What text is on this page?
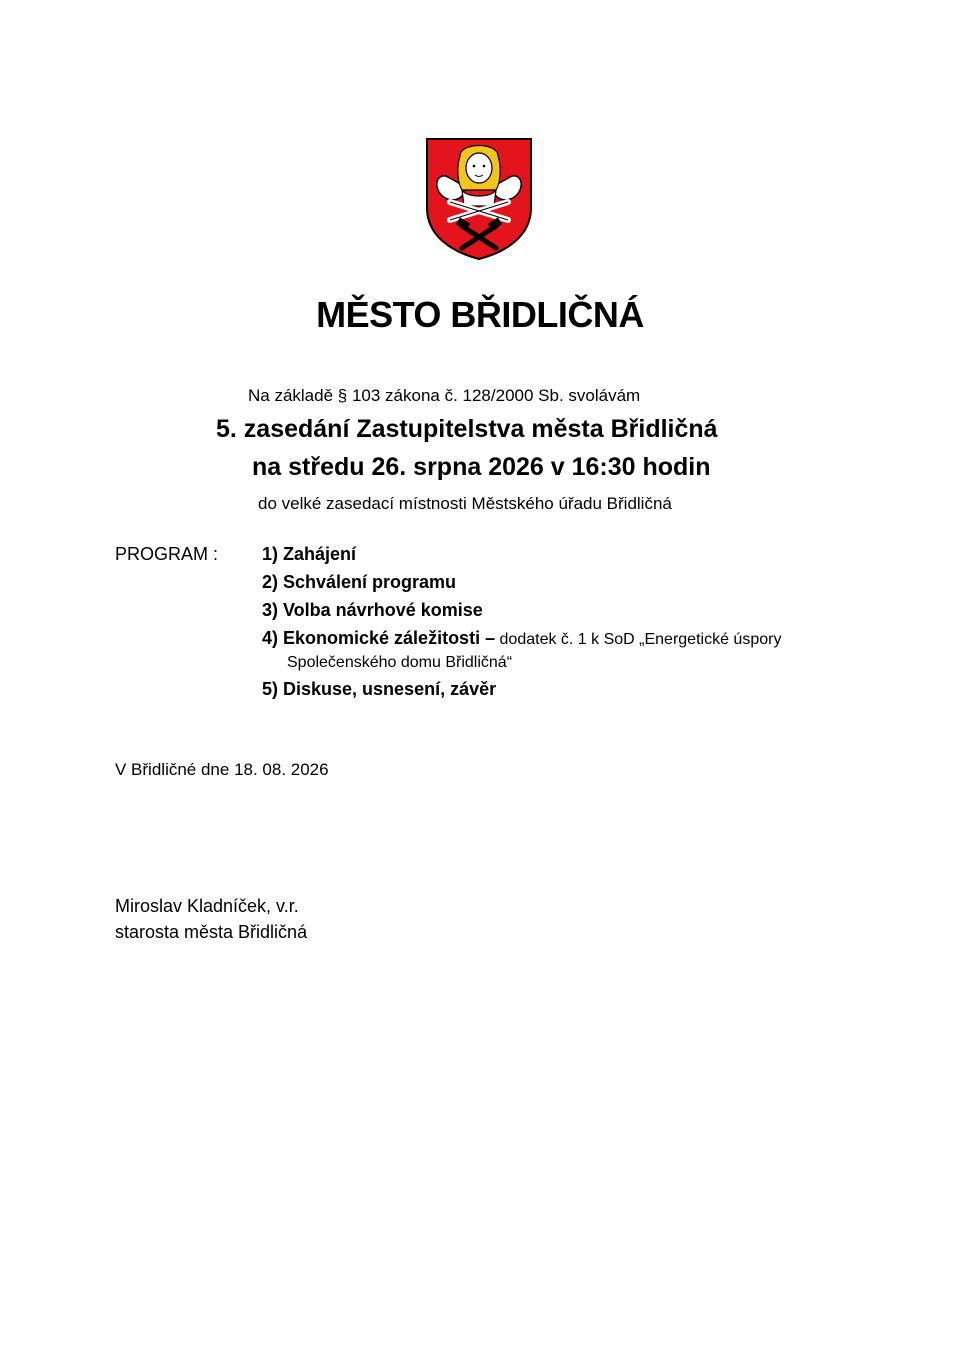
MĚSTO BŘIDLIČNÁ
Na základě § 103 zákona č. 128/2000 Sb. svolávám
5. zasedání Zastupitelstva města Břidličná
na středu 26. srpna 2026 v 16:30 hodin
do velké zasedací místnosti Městského úřadu Břidličná
PROGRAM : 1) Zahájení
2) Schválení programu
3) Volba návrhové komise
4) Ekonomické záležitosti – dodatek č. 1 k SoD „Energetické úspory
Společenského domu Břidličná“
5) Diskuse, usnesení, závěr
V Břidličné dne 18. 08. 2026
Miroslav Kladníček, v.r.
starosta města Břidličná
